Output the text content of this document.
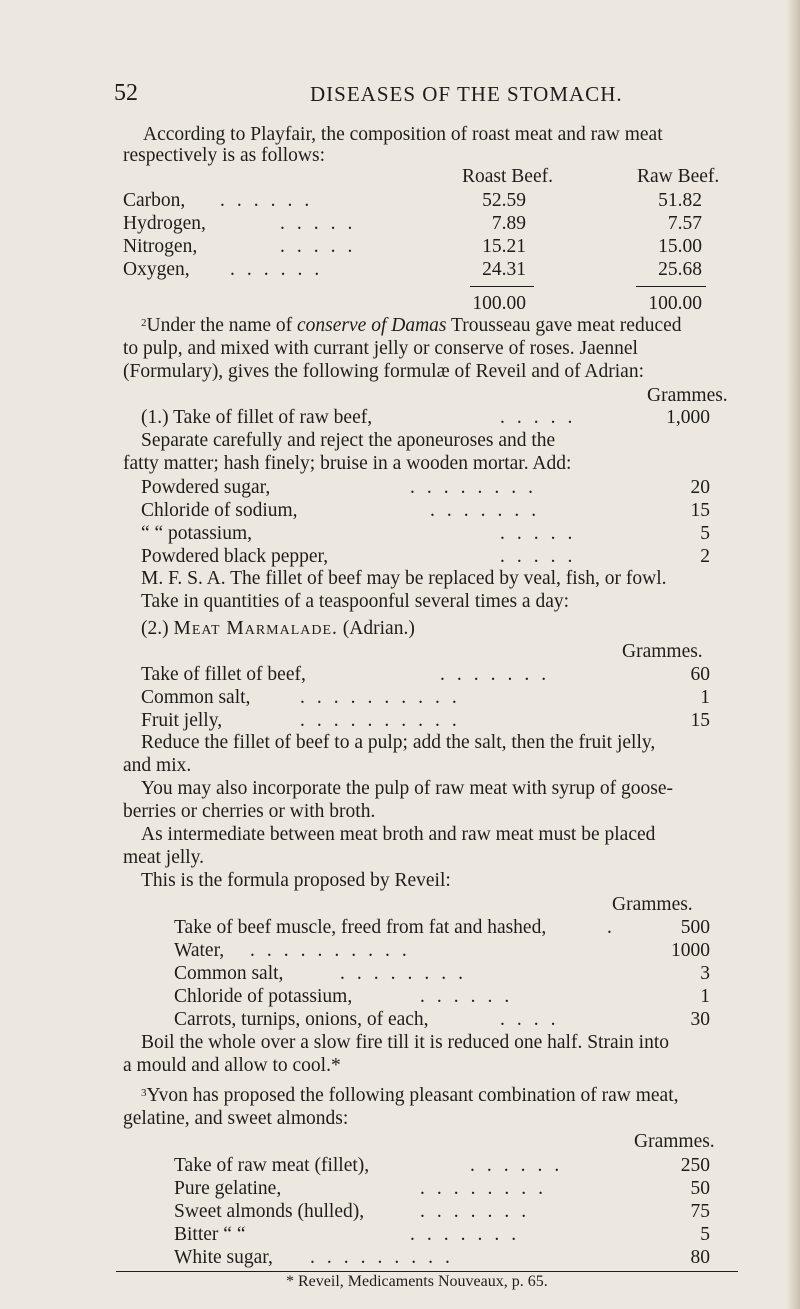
52	DISEASES OF THE STOMACH.
According to Playfair, the composition of roast meat and raw meat
respectively is as follows:
Roast Beef.	Raw Beef.
Carbon, ......	52.59	51.82
Hydrogen,	.....	7.89	7.57
Nitrogen,	.....	15.21	15.00
Oxygen, ......	24.31	25.68
100.00	100.00
$^2$Under the name of conserve of Damas Trousseau gave meat reduced
to pulp, and mixed with currant jelly or conserve of roses. Jaennel
(Formulary), gives the following formulæ of Reveil and of Adrian:
Grammes.
(1.) Take of fillet of raw beef,	.....	1,000
Separate carefully and reject the aponeuroses and the
fatty matter; hash finely; bruise in a wooden mortar. Add:
Powdered sugar,	........	20
Chloride of sodium,	.......	15
“ “ potassium,	.....	5
Powdered black pepper,	.....	2
M. F. S. A. The fillet of beef may be replaced by veal, fish, or fowl.
Take in quantities of a teaspoonful several times a day:
(2.) Meat Marmalade. (Adrian.)
Grammes.
Take of fillet of beef,	.......	60
Common salt,	..........	1
Fruit jelly,	..........	15
Reduce the fillet of beef to a pulp; add the salt, then the fruit jelly,
and mix.
You may also incorporate the pulp of raw meat with syrup of goose-
berries or cherries or with broth.
As intermediate between meat broth and raw meat must be placed
meat jelly.
This is the formula proposed by Reveil:
Grammes.
Take of beef muscle, freed from fat and hashed,	.	500
Water, ..........	1000
Common salt,	........	3
Chloride of potassium,	......	1
Carrots, turnips, onions, of each,	....	30
Boil the whole over a slow fire till it is reduced one half. Strain into
a mould and allow to cool.*
$^3$Yvon has proposed the following pleasant combination of raw meat,
gelatine, and sweet almonds:
Grammes.
Take of raw meat (fillet),	......	250
Pure gelatine,	........	50
Sweet almonds (hulled),	.......	75
Bitter “ “	.......	5
White sugar, .........	80
* Reveil, Medicaments Nouveaux, p. 65.
